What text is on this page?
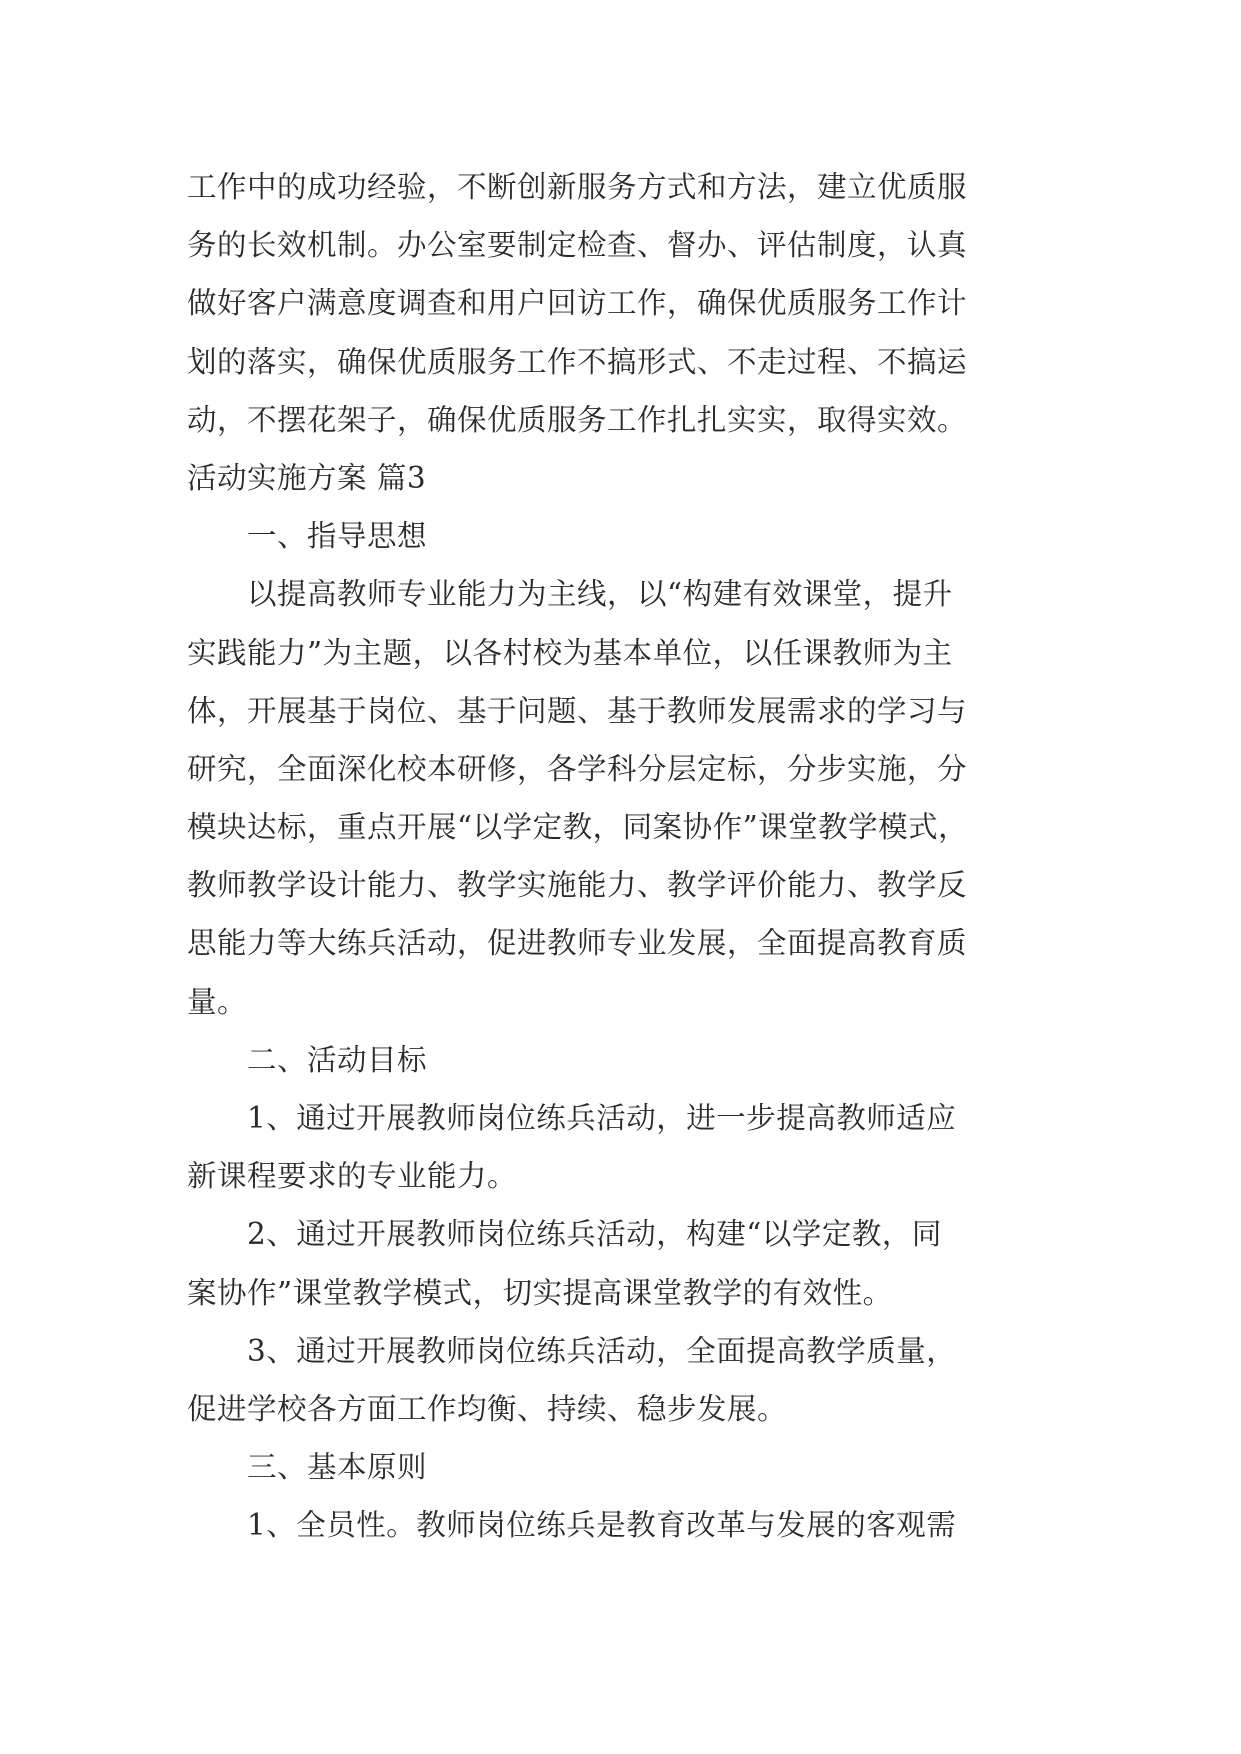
工作中的成功经验，不断创新服务方式和方法，建立优质服
务的长效机制。办公室要制定检查、督办、评估制度，认真
做好客户满意度调查和用户回访工作，确保优质服务工作计
划的落实，确保优质服务工作不搞形式、不走过程、不搞运
动，不摆花架子，确保优质服务工作扎扎实实，取得实效。
活动实施方案 篇3
一、指导思想
以提高教师专业能力为主线，以“构建有效课堂，提升
实践能力”为主题，以各村校为基本单位，以任课教师为主
体，开展基于岗位、基于问题、基于教师发展需求的学习与
研究，全面深化校本研修，各学科分层定标，分步实施，分
模块达标，重点开展“以学定教，同案协作”课堂教学模式，
教师教学设计能力、教学实施能力、教学评价能力、教学反
思能力等大练兵活动，促进教师专业发展，全面提高教育质
量。
二、活动目标
1、通过开展教师岗位练兵活动，进一步提高教师适应
新课程要求的专业能力。
2、通过开展教师岗位练兵活动，构建“以学定教，同
案协作”课堂教学模式，切实提高课堂教学的有效性。
3、通过开展教师岗位练兵活动，全面提高教学质量，
促进学校各方面工作均衡、持续、稳步发展。
三、基本原则
1、全员性。教师岗位练兵是教育改革与发展的客观需
